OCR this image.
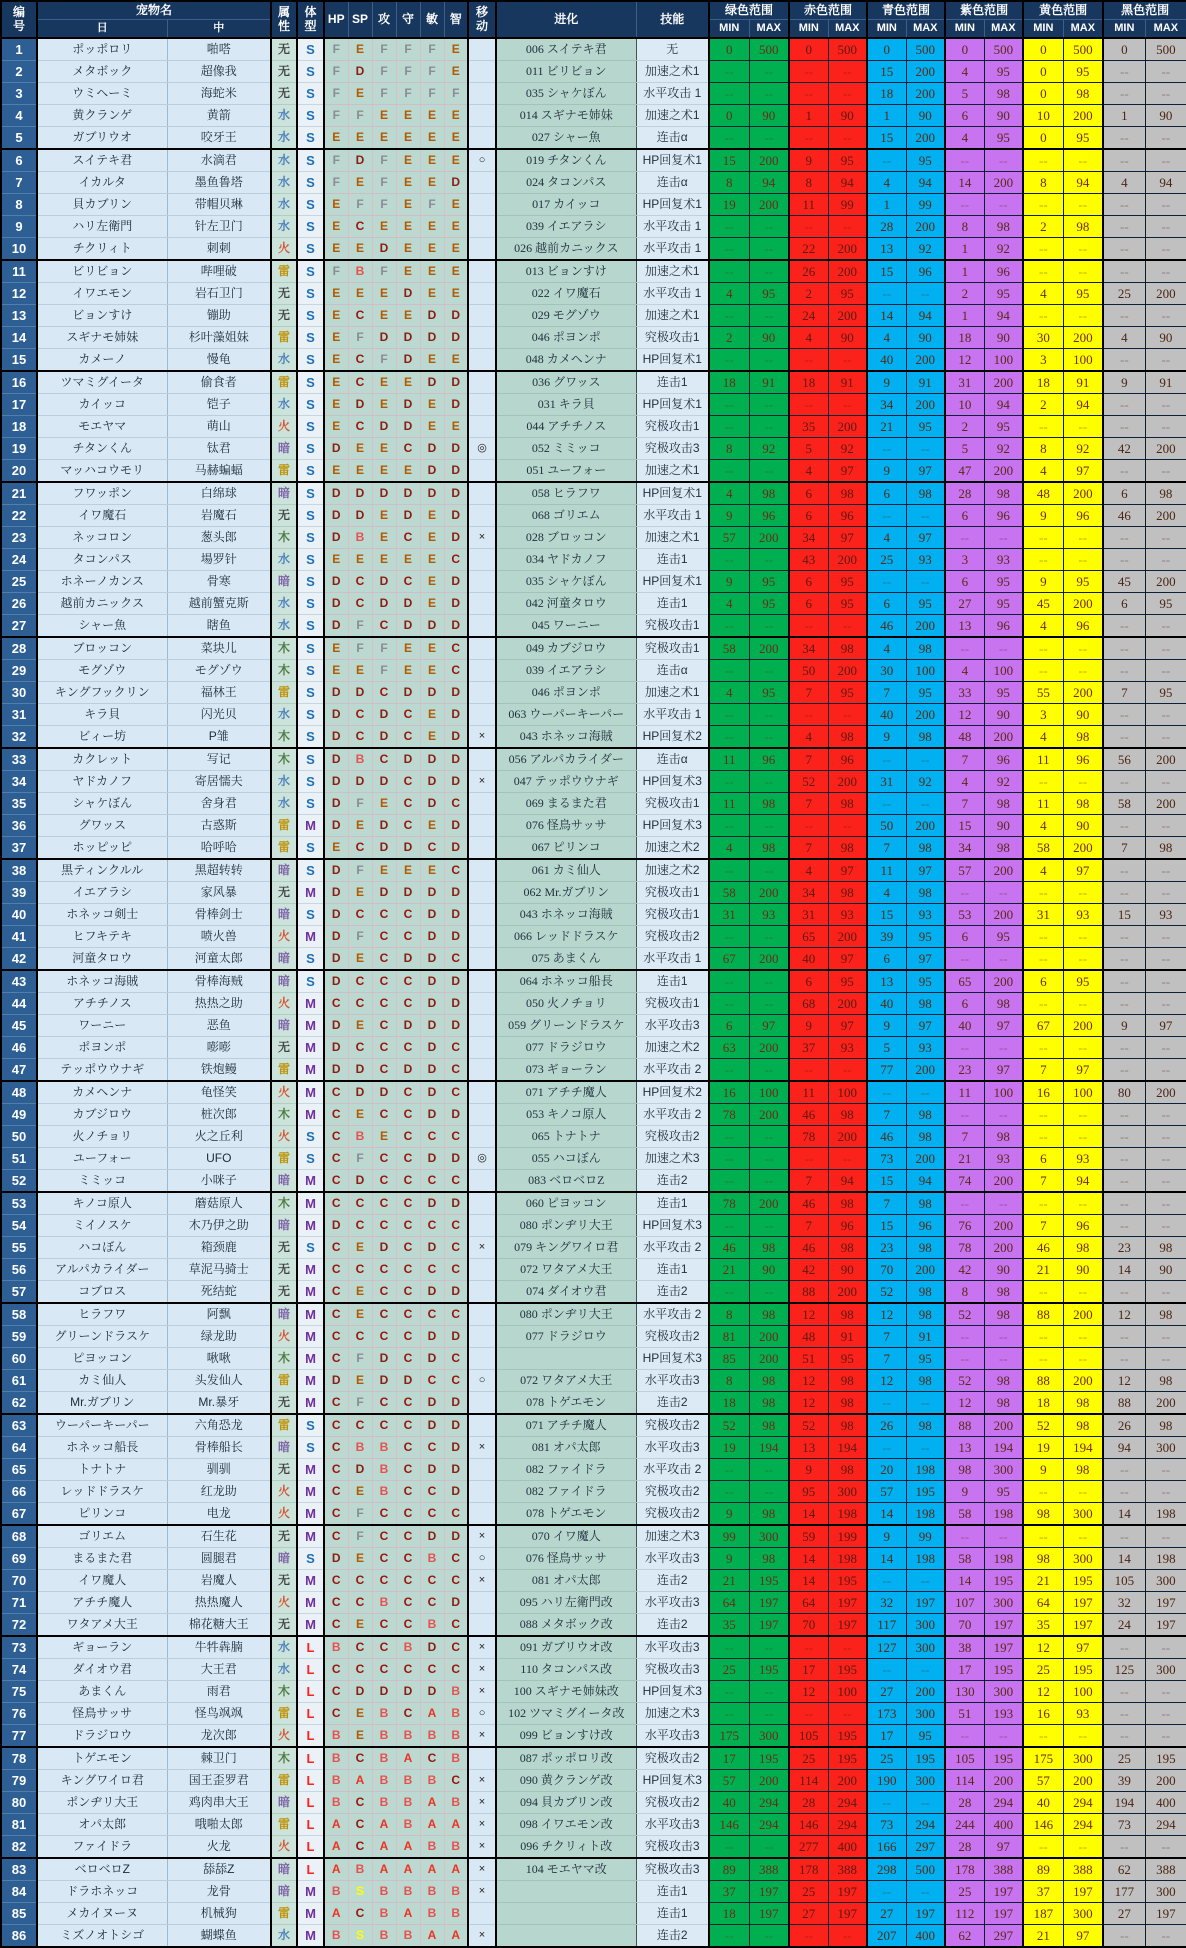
编号	宠物名		属性	体型	HP	SP	攻	守	敏	智	移动	进化	技能	绿色范围		赤色范围		青色范围		紫色范围		黄色范围		黑色范围	
	日	中												MIN	MAX	MIN	MAX	MIN	MAX	MIN	MAX	MIN	MAX	MIN	MAX
1	ポッポロリ	啪嗒	无	S	F	E	F	F	F	E		006 スイテキ君	无	0	500	0	500	0	500	0	500	0	500	0	500
2	メタボック	超像我	无	S	F	D	F	F	F	E		011 ビリビョン	加速之术1	--	--	--	--	15	200	4	95	0	95	--	--
3	ウミヘーミ	海蛇米	无	S	F	E	F	F	F	F		035 シャケぼん	水平攻击 1	--	--	--	--	18	200	5	98	0	98	--	--
4	黄クランゲ	黄箭	水	S	F	F	E	E	E	E		014 スギナモ姉妹	加速之术1	0	90	1	90	1	90	6	90	10	200	1	90
5	ガブリウオ	咬牙王	水	S	E	E	E	E	E	E		027 シャー魚	连击α	--	--	--	--	15	200	4	95	0	95	--	--
6	スイテキ君	水滴君	水	S	F	D	F	E	E	E	○	019 チタンくん	HP回复术1	15	200	9	95	--	95	--	--	--	--	--	--
7	イカルタ	墨鱼鲁塔	水	S	F	E	F	E	E	D		024 タコンパス	连击α	8	94	8	94	4	94	14	200	8	94	4	94
8	貝カブリン	带帽贝琳	水	S	E	F	F	E	F	E		017 カイッコ	HP回复术1	19	200	11	99	1	99	--	--	--	--	--	--
9	ハリ左衛門	针左卫门	水	S	E	C	E	E	E	E		039 イエアラシ	水平攻击 1	--	--	--	--	28	200	8	98	2	98	--	--
10	チクリィト	刺刺	火	S	E	E	D	E	E	E		026 越前カニックス	水平攻击 1	--	--	22	200	13	92	1	92	--	--	--	--
11	ビリビョン	哔哩破	雷	S	F	B	F	E	E	E		013 ビョンすけ	加速之术1	--	--	26	200	15	96	1	96	--	--	--	--
12	イワエモン	岩石卫门	无	S	E	E	E	D	E	E		022 イワ魔石	水平攻击 1	4	95	2	95	--	--	2	95	4	95	25	200
13	ビョンすけ	镚助	无	S	E	C	E	E	D	D		029 モグゾウ	加速之术1	--	--	24	200	14	94	1	94	--	--	--	--
14	スギナモ姉妹	杉叶藻姐妹	雷	S	E	F	D	D	D	D		046 ポヨンポ	究极攻击1	2	90	4	90	4	90	18	90	30	200	4	90
15	カメーノ	慢龟	水	S	E	C	F	D	E	E		048 カメヘンナ	HP回复术1	--	--	--	--	40	200	12	100	3	100	--	--
16	ツマミグイータ	偷食者	雷	S	E	C	E	E	D	D		036 グワッス	连击1	18	91	18	91	9	91	31	200	18	91	9	91
17	カイッコ	铠子	水	S	E	D	E	D	E	D		031 キラ貝	HP回复术1	--	--	--	--	34	200	10	94	2	94	--	--
18	モエヤマ	萌山	火	S	E	C	D	D	E	E		044 アチチノス	究极攻击1	--	--	35	200	21	95	2	95	--	--	--	--
19	チタンくん	钛君	暗	S	D	E	E	C	D	D	◎	052 ミミッコ	究极攻击3	8	92	5	92	--	--	5	92	8	92	42	200
20	マッハコウモリ	马赫蝙蝠	雷	S	E	E	E	E	D	D		051 ユーフォー	加速之术1	--	--	4	97	9	97	47	200	4	97	--	--
21	フワッポン	白绵球	暗	S	D	D	D	D	D	D		058 ヒラフワ	HP回复术1	4	98	6	98	6	98	28	98	48	200	6	98
22	イワ魔石	岩魔石	无	S	D	D	E	D	E	D		068 ゴリエム	水平攻击 1	9	96	6	96	--	--	6	96	9	96	46	200
23	ネッコロン	葱头郎	木	S	D	B	E	C	E	D	×	028 ブロッコン	加速之术1	57	200	34	97	4	97	--	--	--	--	--	--
24	タコンパス	場罗针	水	S	E	E	E	E	E	C		034 ヤドカノフ	连击1	--	--	43	200	25	93	3	93	--	--	--	--
25	ホネーノカンス	骨寒	暗	S	D	C	D	C	E	D		035 シャケぼん	HP回复术1	9	95	6	95	--	--	6	95	9	95	45	200
26	越前カニックス	越前蟹克斯	水	S	D	C	D	D	E	D		042 河童タロウ	连击1	4	95	6	95	6	95	27	95	45	200	6	95
27	シャー魚	瞎鱼	水	S	D	F	C	D	D	D		045 ワーニー	究极攻击1	--	--	--	--	46	200	13	96	4	96	--	--
28	ブロッコン	菜块儿	木	S	E	F	F	E	E	C		049 カブジロウ	究极攻击1	58	200	34	98	4	98	--	--	--	--	--	--
29	モグゾウ	モグゾウ	木	S	E	E	F	E	E	C		039 イエアラシ	连击α	--	--	50	200	30	100	4	100	--	--	--	--
30	キングフックリン	福林王	雷	S	D	D	C	D	D	D		046 ポヨンポ	加速之术1	4	95	7	95	7	95	33	95	55	200	7	95
31	キラ貝	闪光贝	水	S	D	C	D	C	E	D		063 ウーパーキーパー	水平攻击 1	--	--	--	--	40	200	12	90	3	90	--	--
32	ビィー坊	P雏	木	S	D	C	D	C	E	D	×	043 ホネッコ海賊	HP回复术2	--	--	4	98	9	98	48	200	4	98	--	--
33	カクレット	写记	木	S	D	B	C	D	D	D		056 アルパカライダー	连击α	11	96	7	96	--	--	7	96	11	96	56	200
34	ヤドカノフ	寄居懦夫	水	S	D	D	D	C	D	D	×	047 テッポウウナギ	HP回复术3	--	--	52	200	31	92	4	92	--	--	--	--
35	シャケぼん	舍身君	水	S	D	F	E	C	D	C		069 まるまた君	究极攻击1	11	98	7	98	--	--	7	98	11	98	58	200
36	グワッス	古惑斯	雷	M	D	E	D	C	E	D		076 怪鳥サッサ	HP回复术3	--	--	--	--	50	200	15	90	4	90	--	--
37	ホッピッピ	哈呼哈	雷	S	E	C	D	D	C	D		067 ピリンコ	加速之术2	4	98	7	98	7	98	34	98	58	200	7	98
38	黒ティンクルル	黑超转转	暗	S	D	F	E	E	E	C		061 カミ仙人	加速之术2	--	--	4	97	11	97	57	200	4	97	--	--
39	イエアラシ	家风暴	无	M	D	E	D	D	D	D		062 Mr.ガブリン	究极攻击1	58	200	34	98	4	98	--	--	--	--	--	--
40	ホネッコ剣士	骨棒剑士	暗	S	D	C	C	C	D	D		043 ホネッコ海賊	究极攻击1	31	93	31	93	15	93	53	200	31	93	15	93
41	ヒフキテキ	喷火兽	火	M	D	F	C	C	D	D		066 レッドドラスケ	究极攻击2	--	--	65	200	39	95	6	95	--	--	--	--
42	河童タロウ	河童太郎	暗	S	D	E	C	D	D	C		075 あまくん	水平攻击 1	67	200	40	97	6	97	--	--	--	--	--	--
43	ホネッコ海賊	骨棒海贼	暗	S	D	C	C	C	D	D		064 ホネッコ船長	连击1	--	--	6	95	13	95	65	200	6	95	--	--
44	アチチノス	热热之助	火	M	C	C	C	C	D	D		050 火ノチョリ	究极攻击1	--	--	68	200	40	98	6	98	--	--	--	--
45	ワーニー	恶鱼	暗	M	D	E	C	D	D	D		059 グリーンドラスケ	水平攻击3	6	97	9	97	9	97	40	97	67	200	9	97
46	ポヨンポ	嘭嘭	无	M	D	C	C	C	D	C		077 ドラジロウ	加速之术2	63	200	37	93	5	93	--	--	--	--	--	--
47	テッポウウナギ	铁炮鳗	雷	M	D	D	C	D	D	C		073 ギョーラン	水平攻击 2	--	--	--	--	77	200	23	97	7	97	--	--
48	カメヘンナ	龟怪笑	火	M	C	D	D	C	D	C		071 アチチ魔人	HP回复术2	16	100	11	100	--	--	11	100	16	100	80	200
49	カブジロウ	桩次郎	木	M	C	E	C	C	D	D		053 キノコ原人	水平攻击 2	78	200	46	98	7	98	--	--	--	--	--	--
50	火ノチョリ	火之丘利	火	S	C	B	E	C	C	C		065 トナトナ	究极攻击2	--	--	78	200	46	98	7	98	--	--	--	--
51	ユーフォー	UFO	雷	S	C	F	C	C	D	D	◎	055 ハコぼん	加速之术3	--	--	--	--	73	200	21	93	6	93	--	--
52	ミミッコ	小咪子	暗	M	C	D	C	C	C	C		083 ベロベロZ	连击2	--	--	7	94	15	94	74	200	7	94	--	--
53	キノコ原人	蘑菇原人	木	M	C	C	C	C	D	D		060 ピヨッコン	连击1	78	200	46	98	7	98	--	--	--	--	--	--
54	ミイノスケ	木乃伊之助	暗	M	D	C	C	C	C	C		080 ポンヂリ大王	HP回复术3	--	--	7	96	15	96	76	200	7	96	--	--
55	ハコぼん	箱颈鹿	无	S	C	E	D	C	D	C	×	079 キングワイロ君	水平攻击 2	46	98	46	98	23	98	78	200	46	98	23	98
56	アルパカライダー	草泥马骑士	无	M	C	C	C	C	C	C		072 ワタアメ大王	连击1	21	90	42	90	70	200	42	90	21	90	14	90
57	コブロス	死结蛇	无	M	C	E	C	C	D	D		074 ダイオウ君	连击2	--	--	88	200	52	98	8	98	--	--	--	--
58	ヒラフワ	阿飘	暗	M	C	E	C	C	C	C		080 ポンヂリ大王	水平攻击 2	8	98	12	98	12	98	52	98	88	200	12	98
59	グリーンドラスケ	绿龙助	火	M	C	C	C	C	D	D		077 ドラジロウ	究极攻击2	81	200	48	91	7	91	--	--	--	--	--	--
60	ピヨッコン	啾啾	木	M	C	F	D	C	D	C			HP回复术3	85	200	51	95	7	95	--	--	--	--	--	--
61	カミ仙人	头发仙人	雷	M	D	E	D	D	C	C	○	072 ワタアメ大王	水平攻击3	8	98	12	98	12	98	52	98	88	200	12	98
62	Mr.ガブリン	Mr.暴牙	无	M	C	F	C	C	D	D		078 トゲエモン	连击2	18	98	12	98	--	--	12	98	18	98	88	200
63	ウーパーキーパー	六角恐龙	雷	S	C	C	C	C	D	D		071 アチチ魔人	究极攻击2	52	98	52	98	26	98	88	200	52	98	26	98
64	ホネッコ船長	骨棒船长	暗	S	C	B	B	C	C	D	×	081 オパ太郎	水平攻击3	19	194	13	194	--	--	13	194	19	194	94	300
65	トナトナ	驯驯	无	M	C	D	B	C	D	D		082 ファイドラ	水平攻击 2	--	--	9	98	20	198	98	300	9	98	--	--
66	レッドドラスケ	红龙助	火	M	C	E	B	C	C	D		082 ファイドラ	究极攻击2	--	--	95	300	57	195	9	95	--	--	--	--
67	ピリンコ	电龙	火	M	C	F	C	C	C	C		078 トゲエモン	究极攻击2	9	98	14	198	14	198	58	198	98	300	14	198
68	ゴリエム	石生花	无	M	C	F	C	C	D	D	×	070 イワ魔人	加速之术3	99	300	59	199	9	99	--	--	--	--	--	--
69	まるまた君	圆腿君	暗	S	D	E	C	C	B	C	○	076 怪鳥サッサ	水平攻击3	9	98	14	198	14	198	58	198	98	300	14	198
70	イワ魔人	岩魔人	无	M	C	C	C	C	C	C	×	081 オパ太郎	连击2	21	195	14	195	--	--	14	195	21	195	105	300
71	アチチ魔人	热热魔人	火	M	C	C	B	C	C	D		095 ハリ左衛門改	水平攻击3	64	197	64	197	32	197	107	300	64	197	32	197
72	ワタアメ大王	棉花糖大王	无	M	C	E	C	C	B	C		088 メタボック改	连击2	35	197	70	197	117	300	70	197	35	197	24	197
73	ギョーラン	牛牪犇腩	水	L	B	C	C	B	D	C	×	091 ガブリウオ改	水平攻击3	--	--	--	--	127	300	38	197	12	97	--	--
74	ダイオウ君	大王君	水	L	C	C	C	C	C	C	×	110 タコンパス改	究极攻击3	25	195	17	195	--	--	17	195	25	195	125	300
75	あまくん	雨君	木	L	C	D	D	D	D	B	×	100 スギナモ姉妹改	HP回复术3	--	--	12	100	27	200	130	300	12	100	--	--
76	怪鳥サッサ	怪鸟飒飒	雷	L	C	E	B	C	A	B	○	102 ツマミグイータ改	加速之术3	--	--	--	--	173	300	51	193	16	93	--	--
77	ドラジロウ	龙次郎	火	L	B	E	B	B	B	B	×	099 ビョンすけ改	水平攻击3	175	300	105	195	17	95	--	--	--	--	--	--
78	トゲエモン	棘卫门	木	L	B	C	B	A	C	B		087 ポッポロリ改	究极攻击2	17	195	25	195	25	195	105	195	175	300	25	195
79	キングワイロ君	国王歪罗君	雷	L	B	A	B	B	B	C	×	090 黄クランゲ改	HP回复术3	57	200	114	200	190	300	114	200	57	200	39	200
80	ポンヂリ大王	鸡肉串大王	暗	L	B	C	B	B	A	B	×	094 貝カブリン改	究极攻击2	40	294	28	294	--	--	28	294	40	294	194	400
81	オパ太郎	哦啪太郎	雷	L	A	C	A	B	A	A	×	098 イワエモン改	水平攻击3	146	294	146	294	73	294	244	400	146	294	73	294
82	ファイドラ	火龙	火	L	A	C	A	A	B	B	×	096 チクリィト改	究极攻击3	--	--	277	400	166	297	28	97	--	--	--	--
83	ベロベロZ	舔舔Z	暗	L	A	B	A	A	A	A	×	104 モエヤマ改	究极攻击3	89	388	178	388	298	500	178	388	89	388	62	388
84	ドラホネッコ	龙骨	暗	M	B	S	B	B	B	B	×		连击1	37	197	25	197	--	--	25	197	37	197	177	300
85	メカイヌーヌ	机械狗	雷	M	A	C	B	A	B	B			连击1	18	197	27	197	27	197	112	197	187	300	27	197
86	ミズノオトシゴ	蝴蝶鱼	水	M	B	S	B	B	A	A	×		连击2	--	--	--	--	207	400	62	297	21	97	--	--
